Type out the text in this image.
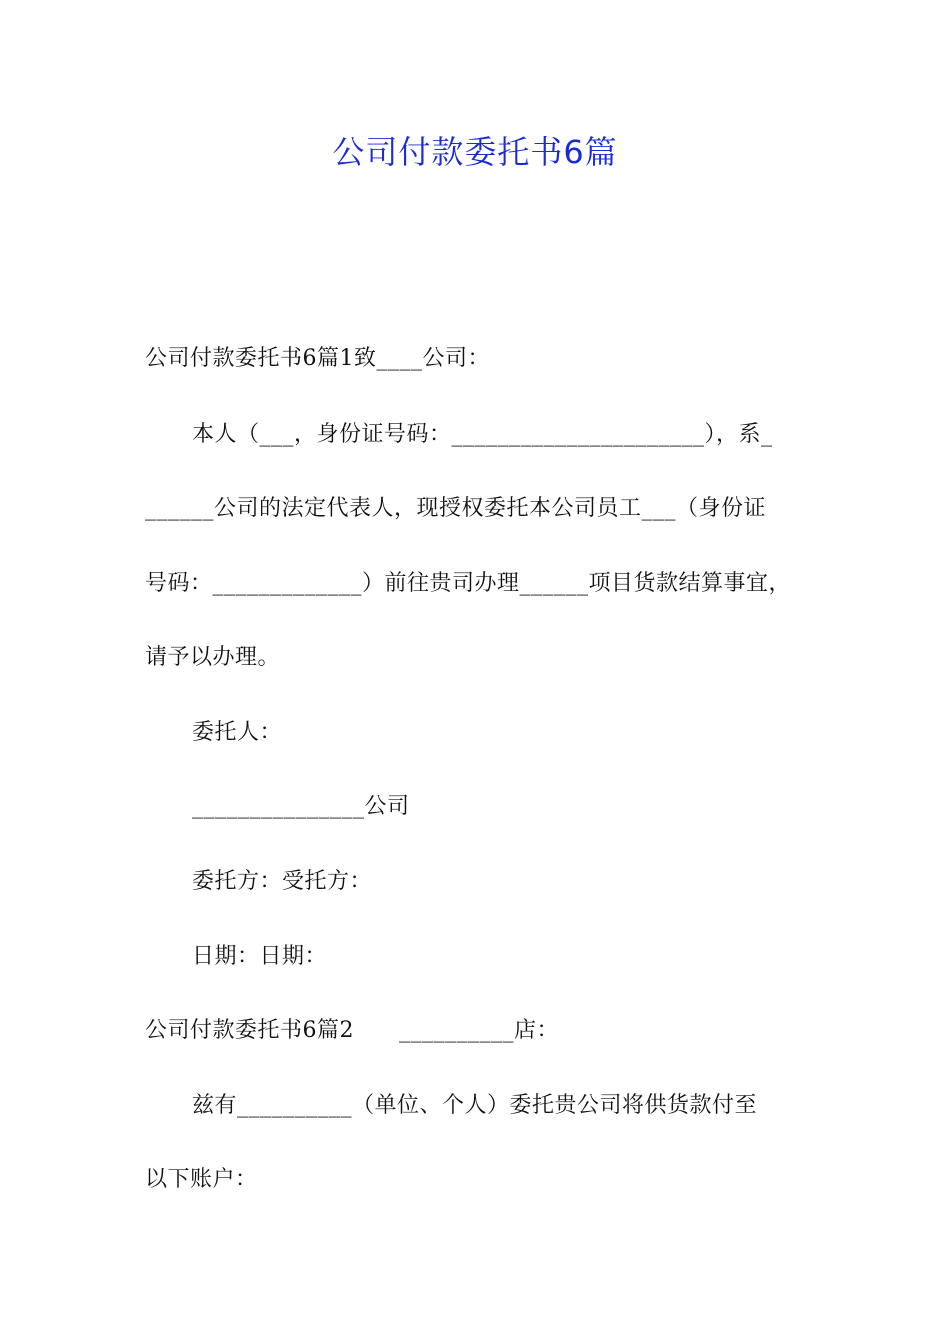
公司付款委托书6篇
公司付款委托书6篇1致____公司：
本人（___，身份证号码：______________________），系_
______公司的法定代表人，现授权委托本公司员工___（身份证
号码：_____________）前往贵司办理______项目货款结算事宜，
请予以办理。
委托人：
_______________公司
委托方：受托方：
日期：日期：
公司付款委托书6篇2　　__________店：
兹有__________（单位、个人）委托贵公司将供货款付至
以下账户：
